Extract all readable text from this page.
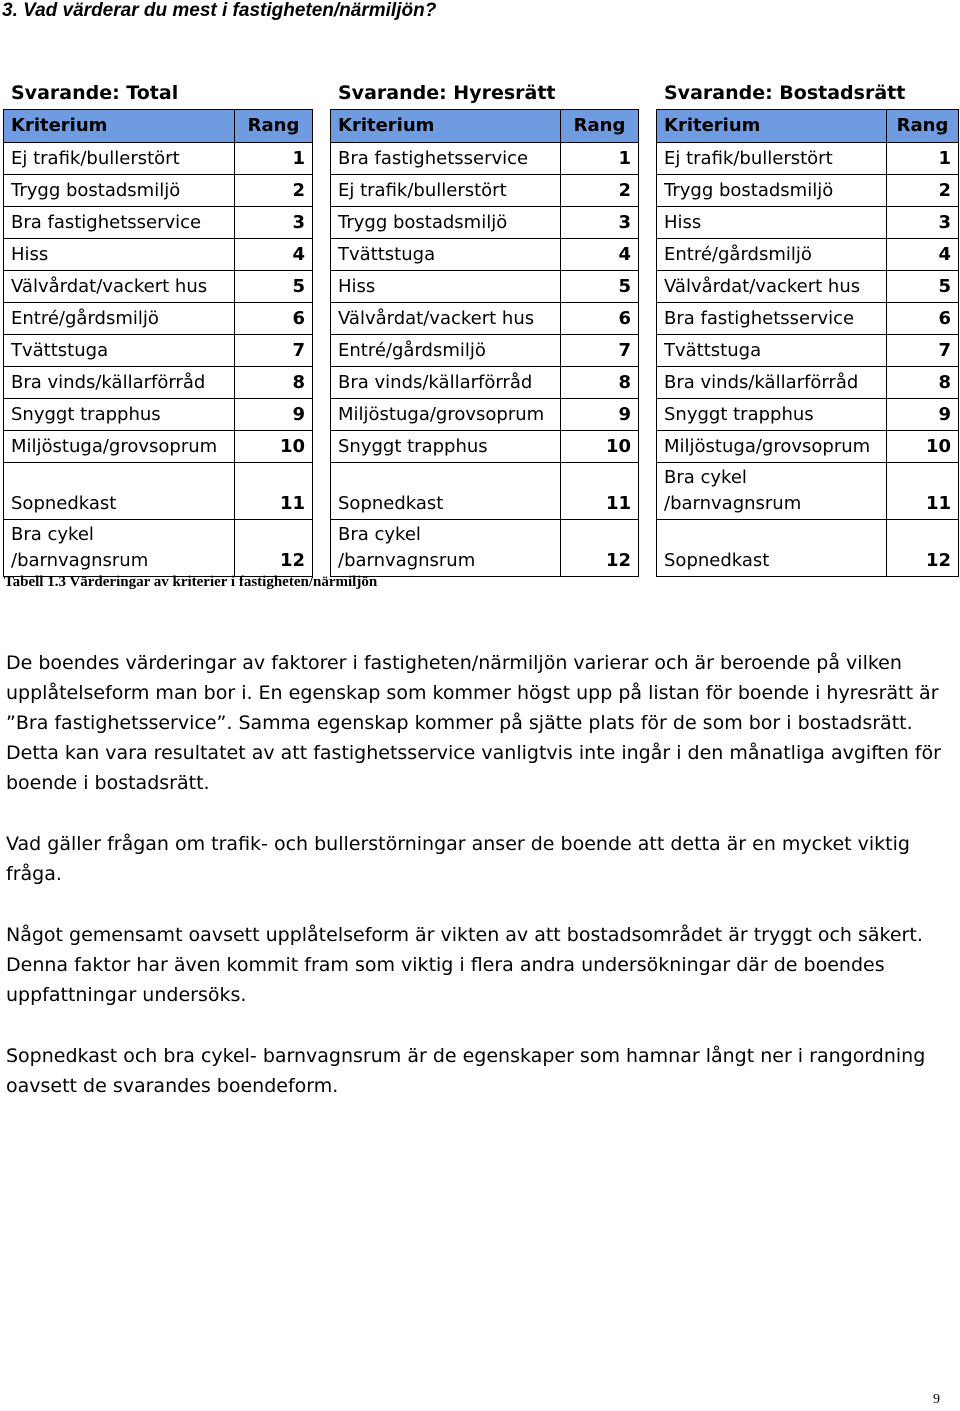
3. Vad värderar du mest i fastigheten/närmiljön?
Svarande: Total	Svarande: Hyresrätt	Svarande: Bostadsrätt
Kriterium	Rang
Ej trafik/bullerstört	1
Trygg bostadsmiljö	2
Bra fastighetsservice	3
Hiss	4
Välvårdat/vackert hus	5
Entré/gårdsmiljö	6
Tvättstuga	7
Bra vinds/källarförråd	8
Snyggt trapphus	9
Miljöstuga/grovsoprum	10
Sopnedkast	11
Bra cykel /barnvagnsrum	12
Kriterium	Rang
Bra fastighetsservice	1
Ej trafik/bullerstört	2
Trygg bostadsmiljö	3
Tvättstuga	4
Hiss	5
Välvårdat/vackert hus	6
Entré/gårdsmiljö	7
Bra vinds/källarförråd	8
Miljöstuga/grovsoprum	9
Snyggt trapphus	10
Sopnedkast	11
Bra cykel /barnvagnsrum	12
Kriterium	Rang
Ej trafik/bullerstört	1
Trygg bostadsmiljö	2
Hiss	3
Entré/gårdsmiljö	4
Välvårdat/vackert hus	5
Bra fastighetsservice	6
Tvättstuga	7
Bra vinds/källarförråd	8
Snyggt trapphus	9
Miljöstuga/grovsoprum	10
Bra cykel /barnvagnsrum	11
Sopnedkast	12
Tabell 1.3 Värderingar av kriterier i fastigheten/närmiljön

De boendes värderingar av faktorer i fastigheten/närmiljön varierar och är beroende på vilken upplåtelseform man bor i. En egenskap som kommer högst upp på listan för boende i hyresrätt är ”Bra fastighetsservice”. Samma egenskap kommer på sjätte plats för de som bor i bostadsrätt. Detta kan vara resultatet av att fastighetsservice vanligtvis inte ingår i den månatliga avgiften för boende i bostadsrätt.

Vad gäller frågan om trafik- och bullerstörningar anser de boende att detta är en mycket viktig fråga.

Något gemensamt oavsett upplåtelseform är vikten av att bostadsområdet är tryggt och säkert. Denna faktor har även kommit fram som viktig i flera andra undersökningar där de boendes uppfattningar undersöks.

Sopnedkast och bra cykel- barnvagnsrum är de egenskaper som hamnar långt ner i rangordning oavsett de svarandes boendeform.

9
